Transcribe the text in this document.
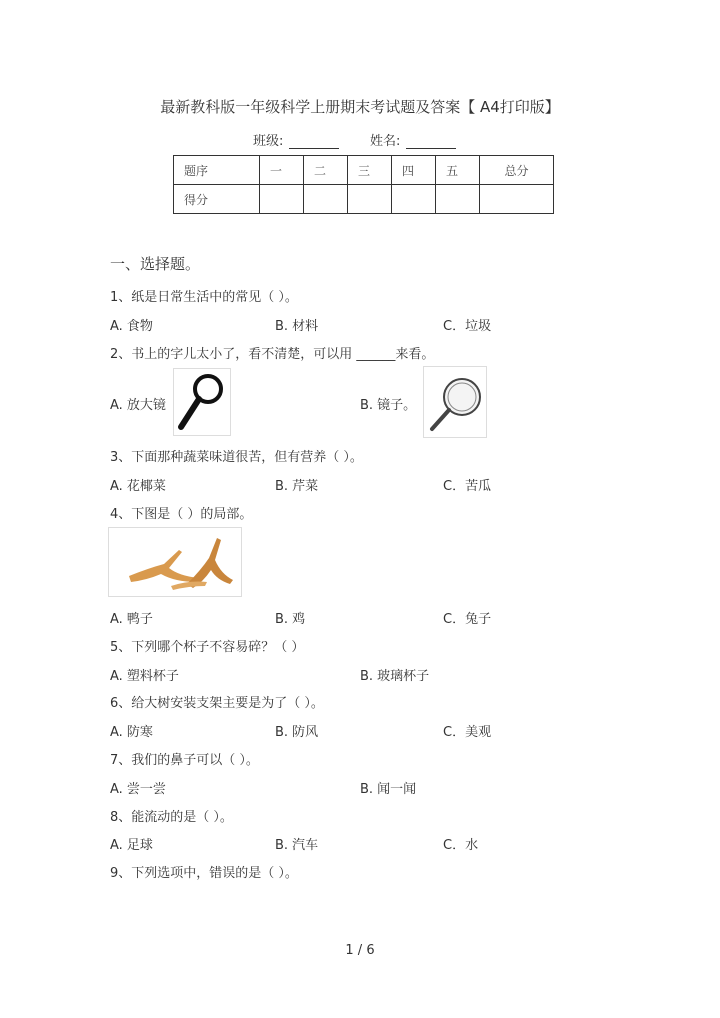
最新教科版一年级科学上册期末考试题及答案【 A4打印版】
班级:	姓名:
题序	一	二	三	四	五	总分
得分						
一、选择题。
1、纸是日常生活中的常见（ ）。
A. 食物	B. 材料	C．垃圾
2、书上的字儿太小了，看不清楚，可以用 ______来看。
A. 放大镜	B. 镜子。
3、下面那种蔬菜味道很苦，但有营养（ ）。
A. 花椰菜	B. 芹菜	C．苦瓜
4、下图是（ ）的局部。
A. 鸭子	B. 鸡	C．兔子
5、下列哪个杯子不容易碎？（ ）
A. 塑料杯子	B. 玻璃杯子
6、给大树安装支架主要是为了（ ）。
A. 防寒	B. 防风	C．美观
7、我们的鼻子可以（ ）。
A. 尝一尝	B. 闻一闻
8、能流动的是（ ）。
A. 足球	B. 汽车	C．水
9、下列选项中，错误的是（ ）。
1 / 6
